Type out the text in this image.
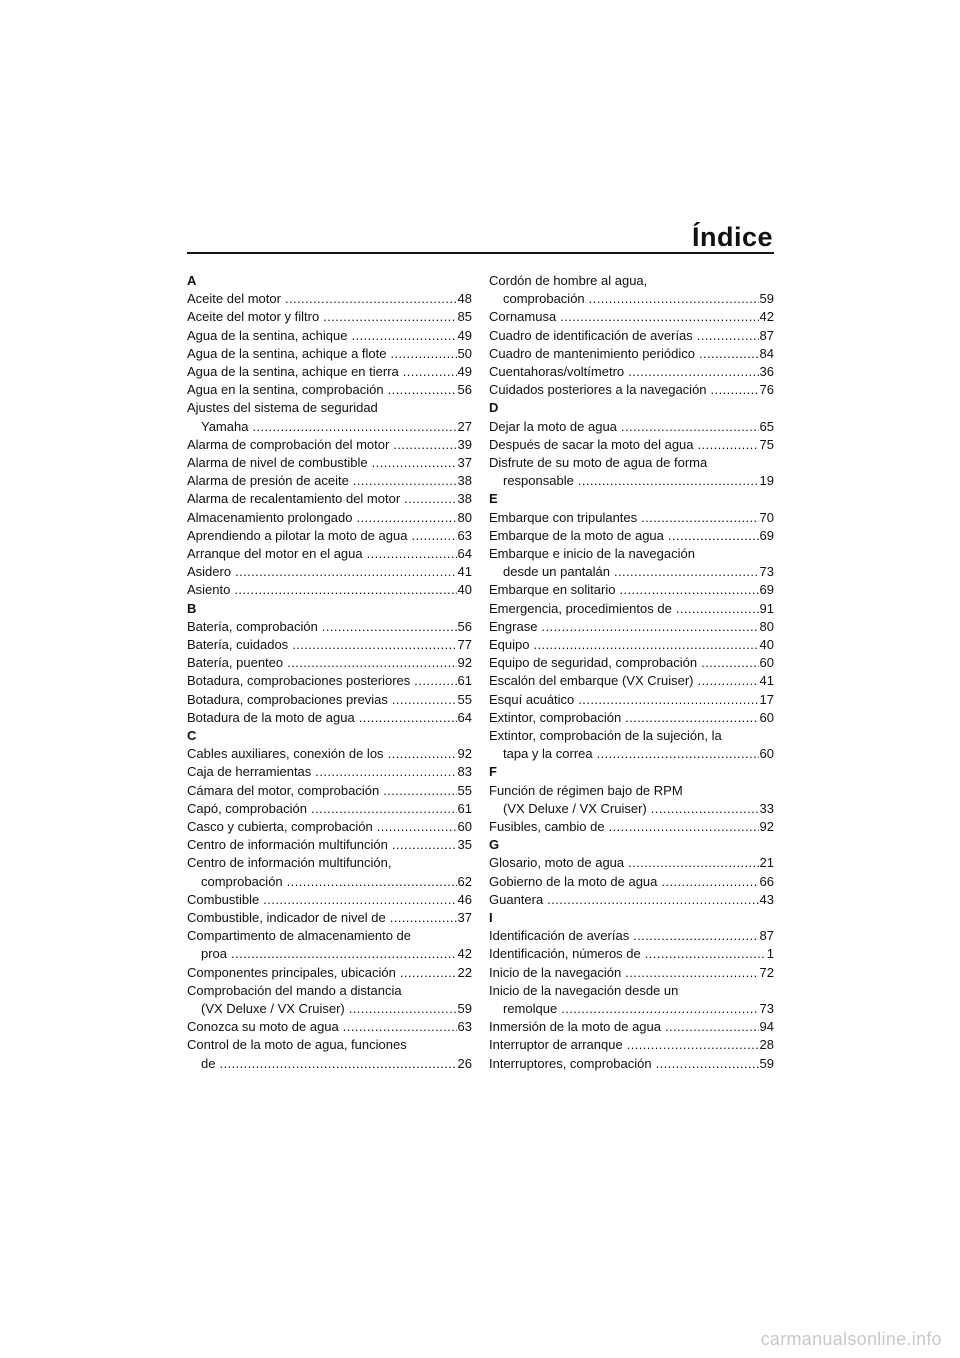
Índice
A
Aceite del motor .....	48
Aceite del motor y filtro .....	85
Agua de la sentina, achique .....	49
Agua de la sentina, achique a flote .....	50
Agua de la sentina, achique en tierra .....	49
Agua en la sentina, comprobación .....	56
Ajustes del sistema de seguridad
Yamaha .....	27
Alarma de comprobación del motor .....	39
Alarma de nivel de combustible .....	37
Alarma de presión de aceite .....	38
Alarma de recalentamiento del motor .....	38
Almacenamiento prolongado .....	80
Aprendiendo a pilotar la moto de agua .....	63
Arranque del motor en el agua .....	64
Asidero .....	41
Asiento .....	40
B
Batería, comprobación .....	56
Batería, cuidados .....	77
Batería, puenteo .....	92
Botadura, comprobaciones posteriores .....	61
Botadura, comprobaciones previas .....	55
Botadura de la moto de agua .....	64
C
Cables auxiliares, conexión de los .....	92
Caja de herramientas .....	83
Cámara del motor, comprobación .....	55
Capó, comprobación .....	61
Casco y cubierta, comprobación .....	60
Centro de información multifunción .....	35
Centro de información multifunción,
comprobación .....	62
Combustible .....	46
Combustible, indicador de nivel de .....	37
Compartimento de almacenamiento de
proa .....	42
Componentes principales, ubicación .....	22
Comprobación del mando a distancia
(VX Deluxe / VX Cruiser) .....	59
Conozca su moto de agua .....	63
Control de la moto de agua, funciones
de .....	26
Cordón de hombre al agua,
comprobación .....	59
Cornamusa .....	42
Cuadro de identificación de averías .....	87
Cuadro de mantenimiento periódico .....	84
Cuentahoras/voltímetro .....	36
Cuidados posteriores a la navegación .....	76
D
Dejar la moto de agua .....	65
Después de sacar la moto del agua .....	75
Disfrute de su moto de agua de forma
responsable .....	19
E
Embarque con tripulantes .....	70
Embarque de la moto de agua .....	69
Embarque e inicio de la navegación
desde un pantalán .....	73
Embarque en solitario .....	69
Emergencia, procedimientos de .....	91
Engrase .....	80
Equipo .....	40
Equipo de seguridad, comprobación .....	60
Escalón del embarque (VX Cruiser) .....	41
Esquí acuático .....	17
Extintor, comprobación .....	60
Extintor, comprobación de la sujeción, la
tapa y la correa .....	60
F
Función de régimen bajo de RPM
(VX Deluxe / VX Cruiser) .....	33
Fusibles, cambio de .....	92
G
Glosario, moto de agua .....	21
Gobierno de la moto de agua .....	66
Guantera .....	43
I
Identificación de averías .....	87
Identificación, números de .....	1
Inicio de la navegación .....	72
Inicio de la navegación desde un
remolque .....	73
Inmersión de la moto de agua .....	94
Interruptor de arranque .....	28
Interruptores, comprobación .....	59
carmanualsonline.info
